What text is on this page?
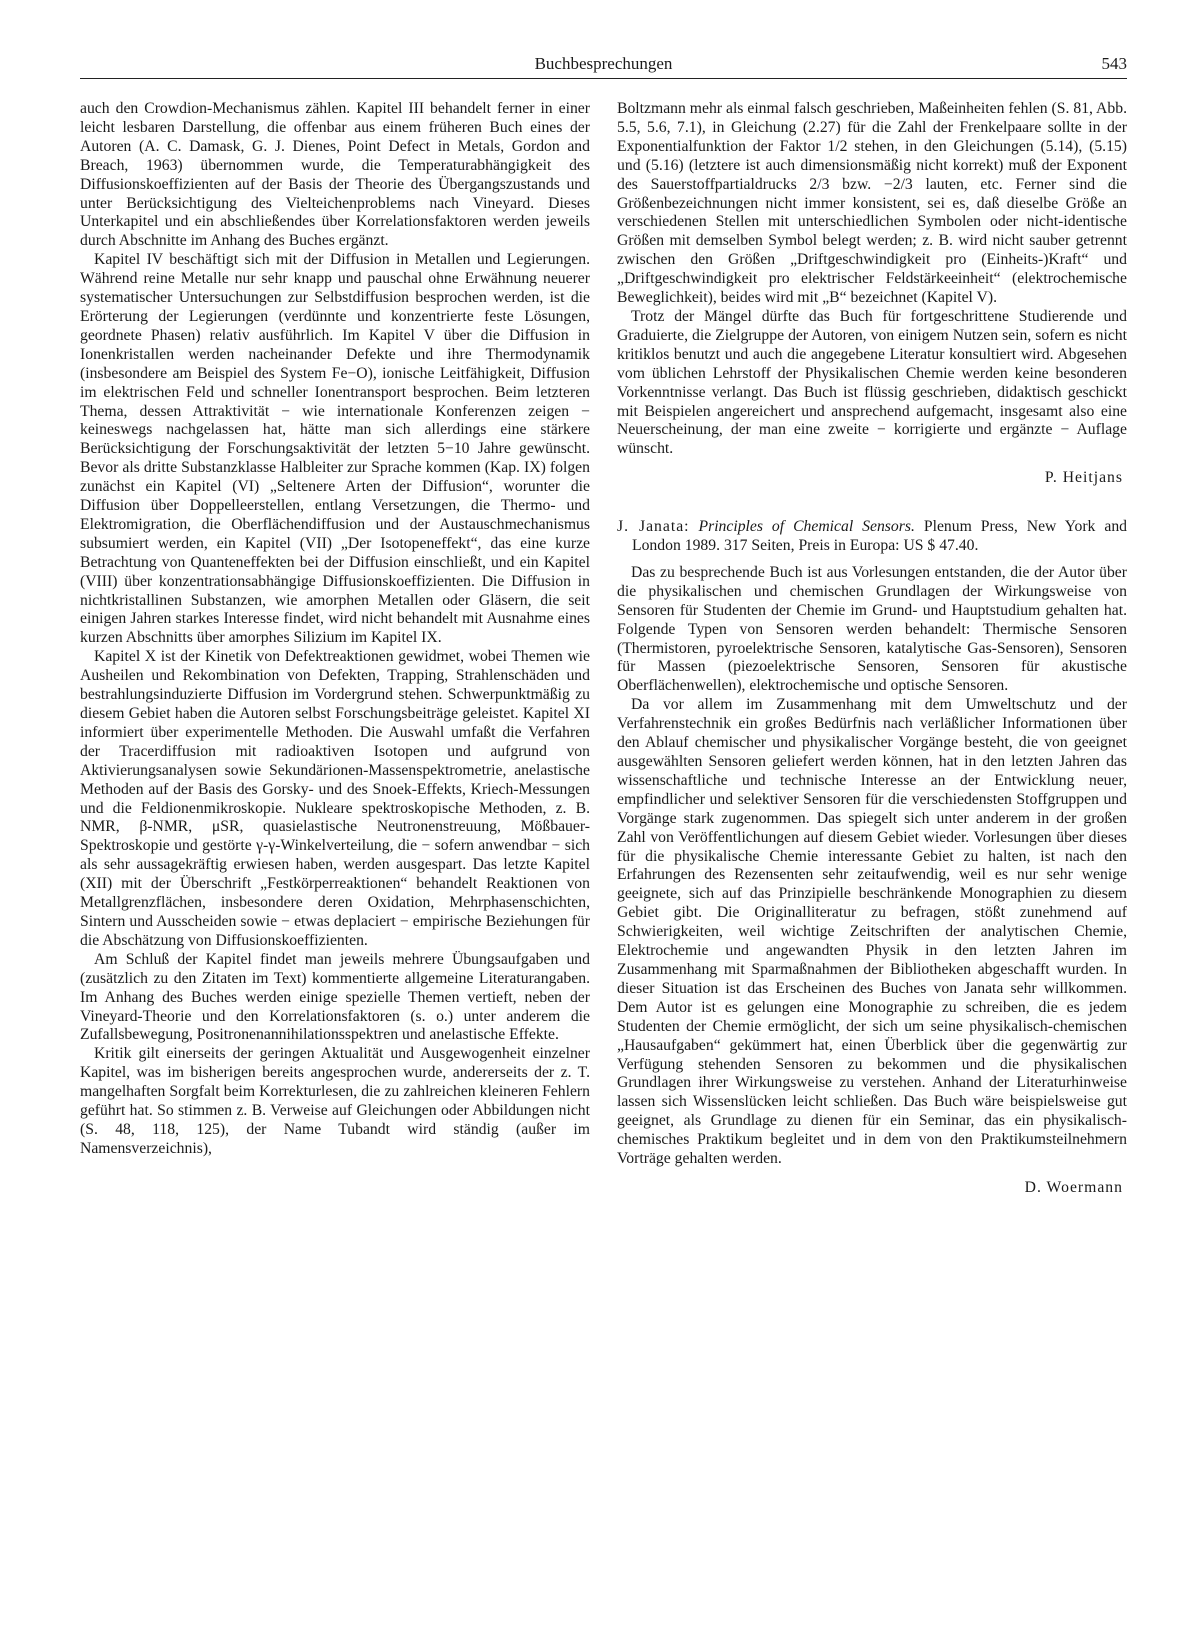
Buchbesprechungen	543

auch den Crowdion-Mechanismus zählen. Kapitel III behandelt ferner in einer leicht lesbaren Darstellung, die offenbar aus einem früheren Buch eines der Autoren (A. C. Damask, G. J. Dienes, Point Defect in Metals, Gordon and Breach, 1963) übernommen wurde, die Temperaturabhängigkeit des Diffusionskoeffizienten auf der Basis der Theorie des Übergangszustands und unter Berücksichtigung des Vielteichenproblems nach Vineyard. Dieses Unterkapitel und ein abschließendes über Korrelationsfaktoren werden jeweils durch Abschnitte im Anhang des Buches ergänzt.

Kapitel IV beschäftigt sich mit der Diffusion in Metallen und Legierungen. Während reine Metalle nur sehr knapp und pauschal ohne Erwähnung neuerer systematischer Untersuchungen zur Selbstdiffusion besprochen werden, ist die Erörterung der Legierungen (verdünnte und konzentrierte feste Lösungen, geordnete Phasen) relativ ausführlich. Im Kapitel V über die Diffusion in Ionenkristallen werden nacheinander Defekte und ihre Thermodynamik (insbesondere am Beispiel des System Fe−O), ionische Leitfähigkeit, Diffusion im elektrischen Feld und schneller Ionentransport besprochen. Beim letzteren Thema, dessen Attraktivität − wie internationale Konferenzen zeigen − keineswegs nachgelassen hat, hätte man sich allerdings eine stärkere Berücksichtigung der Forschungsaktivität der letzten 5−10 Jahre gewünscht. Bevor als dritte Substanzklasse Halbleiter zur Sprache kommen (Kap. IX) folgen zunächst ein Kapitel (VI) „Seltenere Arten der Diffusion“, worunter die Diffusion über Doppelleerstellen, entlang Versetzungen, die Thermo- und Elektromigration, die Oberflächendiffusion und der Austauschmechanismus subsumiert werden, ein Kapitel (VII) „Der Isotopeneffekt“, das eine kurze Betrachtung von Quanteneffekten bei der Diffusion einschließt, und ein Kapitel (VIII) über konzentrationsabhängige Diffusionskoeffizienten. Die Diffusion in nichtkristallinen Substanzen, wie amorphen Metallen oder Gläsern, die seit einigen Jahren starkes Interesse findet, wird nicht behandelt mit Ausnahme eines kurzen Abschnitts über amorphes Silizium im Kapitel IX.

Kapitel X ist der Kinetik von Defektreaktionen gewidmet, wobei Themen wie Ausheilen und Rekombination von Defekten, Trapping, Strahlenschäden und bestrahlungsinduzierte Diffusion im Vordergrund stehen. Schwerpunktmäßig zu diesem Gebiet haben die Autoren selbst Forschungsbeiträge geleistet. Kapitel XI informiert über experimentelle Methoden. Die Auswahl umfaßt die Verfahren der Tracerdiffusion mit radioaktiven Isotopen und aufgrund von Aktivierungsanalysen sowie Sekundärionen-Massenspektrometrie, anelastische Methoden auf der Basis des Gorsky- und des Snoek-Effekts, Kriech-Messungen und die Feldionenmikroskopie. Nukleare spektroskopische Methoden, z. B. NMR, β-NMR, μSR, quasielastische Neutronenstreuung, Mößbauer-Spektroskopie und gestörte γ-γ-Winkelverteilung, die − sofern anwendbar − sich als sehr aussagekräftig erwiesen haben, werden ausgespart. Das letzte Kapitel (XII) mit der Überschrift „Festkörperreaktionen“ behandelt Reaktionen von Metallgrenzflächen, insbesondere deren Oxidation, Mehrphasenschichten, Sintern und Ausscheiden sowie − etwas deplaciert − empirische Beziehungen für die Abschätzung von Diffusionskoeffizienten.

Am Schluß der Kapitel findet man jeweils mehrere Übungsaufgaben und (zusätzlich zu den Zitaten im Text) kommentierte allgemeine Literaturangaben. Im Anhang des Buches werden einige spezielle Themen vertieft, neben der Vineyard-Theorie und den Korrelationsfaktoren (s. o.) unter anderem die Zufallsbewegung, Positronenannihilationsspektren und anelastische Effekte.

Kritik gilt einerseits der geringen Aktualität und Ausgewogenheit einzelner Kapitel, was im bisherigen bereits angesprochen wurde, andererseits der z. T. mangelhaften Sorgfalt beim Korrekturlesen, die zu zahlreichen kleineren Fehlern geführt hat. So stimmen z. B. Verweise auf Gleichungen oder Abbildungen nicht (S. 48, 118, 125), der Name Tubandt wird ständig (außer im Namensverzeichnis),

Boltzmann mehr als einmal falsch geschrieben, Maßeinheiten fehlen (S. 81, Abb. 5.5, 5.6, 7.1), in Gleichung (2.27) für die Zahl der Frenkelpaare sollte in der Exponentialfunktion der Faktor 1/2 stehen, in den Gleichungen (5.14), (5.15) und (5.16) (letztere ist auch dimensionsmäßig nicht korrekt) muß der Exponent des Sauerstoffpartialdrucks 2/3 bzw. −2/3 lauten, etc. Ferner sind die Größenbezeichnungen nicht immer konsistent, sei es, daß dieselbe Größe an verschiedenen Stellen mit unterschiedlichen Symbolen oder nicht-identische Größen mit demselben Symbol belegt werden; z. B. wird nicht sauber getrennt zwischen den Größen „Driftgeschwindigkeit pro (Einheits-)Kraft“ und „Driftgeschwindigkeit pro elektrischer Feldstärkeeinheit“ (elektrochemische Beweglichkeit), beides wird mit „B“ bezeichnet (Kapitel V).

Trotz der Mängel dürfte das Buch für fortgeschrittene Studierende und Graduierte, die Zielgruppe der Autoren, von einigem Nutzen sein, sofern es nicht kritiklos benutzt und auch die angegebene Literatur konsultiert wird. Abgesehen vom üblichen Lehrstoff der Physikalischen Chemie werden keine besonderen Vorkenntnisse verlangt. Das Buch ist flüssig geschrieben, didaktisch geschickt mit Beispielen angereichert und ansprechend aufgemacht, insgesamt also eine Neuerscheinung, der man eine zweite − korrigierte und ergänzte − Auflage wünscht.

P. Heitjans
J. Janata: Principles of Chemical Sensors. Plenum Press, New York and London 1989. 317 Seiten, Preis in Europa: US $ 47.40.

Das zu besprechende Buch ist aus Vorlesungen entstanden, die der Autor über die physikalischen und chemischen Grundlagen der Wirkungsweise von Sensoren für Studenten der Chemie im Grund- und Hauptstudium gehalten hat. Folgende Typen von Sensoren werden behandelt: Thermische Sensoren (Thermistoren, pyroelektrische Sensoren, katalytische Gas-Sensoren), Sensoren für Massen (piezoelektrische Sensoren, Sensoren für akustische Oberflächenwellen), elektrochemische und optische Sensoren.

Da vor allem im Zusammenhang mit dem Umweltschutz und der Verfahrenstechnik ein großes Bedürfnis nach verläßlicher Informationen über den Ablauf chemischer und physikalischer Vorgänge besteht, die von geeignet ausgewählten Sensoren geliefert werden können, hat in den letzten Jahren das wissenschaftliche und technische Interesse an der Entwicklung neuer, empfindlicher und selektiver Sensoren für die verschiedensten Stoffgruppen und Vorgänge stark zugenommen. Das spiegelt sich unter anderem in der großen Zahl von Veröffentlichungen auf diesem Gebiet wieder. Vorlesungen über dieses für die physikalische Chemie interessante Gebiet zu halten, ist nach den Erfahrungen des Rezensenten sehr zeitaufwendig, weil es nur sehr wenige geeignete, sich auf das Prinzipielle beschränkende Monographien zu diesem Gebiet gibt. Die Originalliteratur zu befragen, stößt zunehmend auf Schwierigkeiten, weil wichtige Zeitschriften der analytischen Chemie, Elektrochemie und angewandten Physik in den letzten Jahren im Zusammenhang mit Sparmaßnahmen der Bibliotheken abgeschafft wurden. In dieser Situation ist das Erscheinen des Buches von Janata sehr willkommen. Dem Autor ist es gelungen eine Monographie zu schreiben, die es jedem Studenten der Chemie ermöglicht, der sich um seine physikalisch-chemischen „Hausaufgaben“ gekümmert hat, einen Überblick über die gegenwärtig zur Verfügung stehenden Sensoren zu bekommen und die physikalischen Grundlagen ihrer Wirkungsweise zu verstehen. Anhand der Literaturhinweise lassen sich Wissenslücken leicht schließen. Das Buch wäre beispielsweise gut geeignet, als Grundlage zu dienen für ein Seminar, das ein physikalisch-chemisches Praktikum begleitet und in dem von den Praktikumsteilnehmern Vorträge gehalten werden.

D. Woermann
